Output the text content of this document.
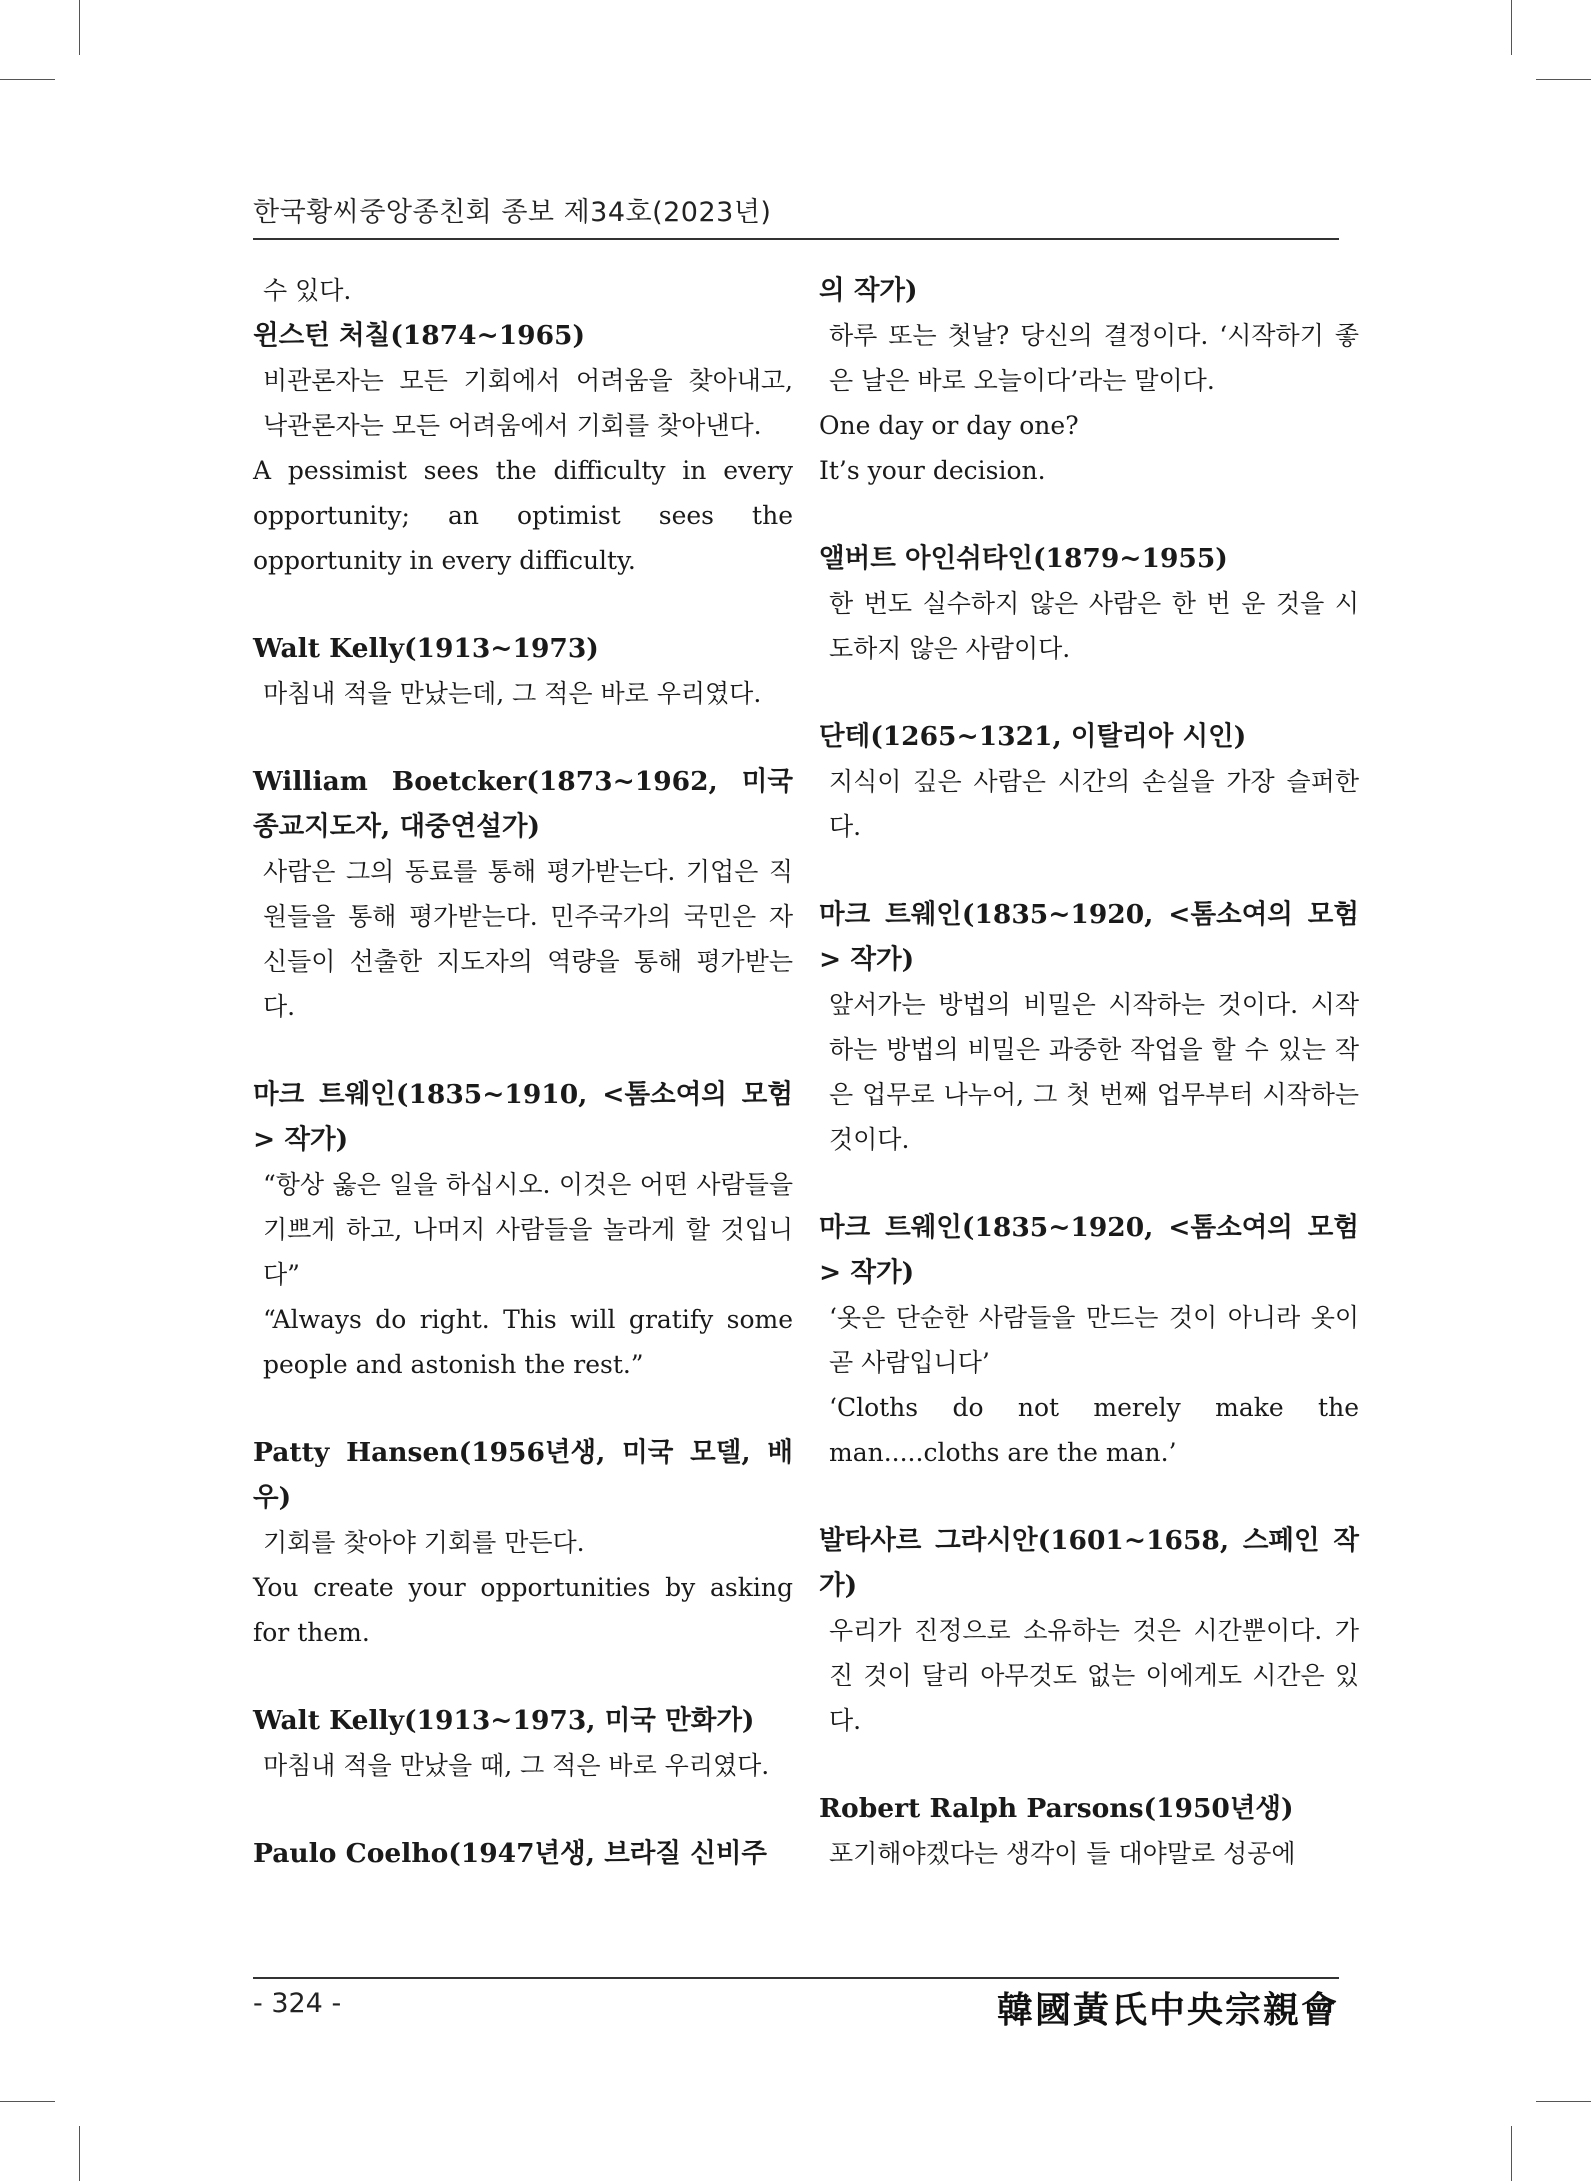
한국황씨중앙종친회 종보 제34호(2023년)

수 있다.

윈스턴 처칠(1874~1965)

비관론자는 모든 기회에서 어려움을 찾아내고, 낙관론자는 모든 어려움에서 기회를 찾아낸다.

A pessimist sees the difficulty in every opportunity; an optimist sees the opportunity in every difficulty.

Walt Kelly(1913~1973)

마침내 적을 만났는데, 그 적은 바로 우리였다.

William Boetcker(1873~1962, 미국 종교지도자, 대중연설가)

사람은 그의 동료를 통해 평가받는다. 기업은 직원들을 통해 평가받는다. 민주국가의 국민은 자신들이 선출한 지도자의 역량을 통해 평가받는다.

마크 트웨인(1835~1910, <톰소여의 모험> 작가)

“항상 옳은 일을 하십시오. 이것은 어떤 사람들을 기쁘게 하고, 나머지 사람들을 놀라게 할 것입니다”

“Always do right. This will gratify some people and astonish the rest.”

Patty Hansen(1956년생, 미국 모델, 배우)

기회를 찾아야 기회를 만든다.

You create your opportunities by asking for them.

Walt Kelly(1913~1973, 미국 만화가)

마침내 적을 만났을 때, 그 적은 바로 우리였다.

Paulo Coelho(1947년생, 브라질 신비주

의 작가)

하루 또는 첫날? 당신의 결정이다. ‘시작하기 좋은 날은 바로 오늘이다’라는 말이다.

One day or day one?

It’s your decision.

앨버트 아인쉬타인(1879~1955)

한 번도 실수하지 않은 사람은 한 번 운 것을 시도하지 않은 사람이다.

단테(1265~1321, 이탈리아 시인)

지식이 깊은 사람은 시간의 손실을 가장 슬퍼한다.

마크 트웨인(1835~1920, <톰소여의 모험> 작가)

앞서가는 방법의 비밀은 시작하는 것이다. 시작하는 방법의 비밀은 과중한 작업을 할 수 있는 작은 업무로 나누어, 그 첫 번째 업무부터 시작하는 것이다.

마크 트웨인(1835~1920, <톰소여의 모험> 작가)

‘옷은 단순한 사람들을 만드는 것이 아니라 옷이 곧 사람입니다’

‘Cloths do not merely make the man.....cloths are the man.’

발타사르 그라시안(1601~1658, 스페인 작가)

우리가 진정으로 소유하는 것은 시간뿐이다. 가진 것이 달리 아무것도 없는 이에게도 시간은 있다.

Robert Ralph Parsons(1950년생)

포기해야겠다는 생각이 들 대야말로 성공에

- 324 -	韓國黃氏中央宗親會
